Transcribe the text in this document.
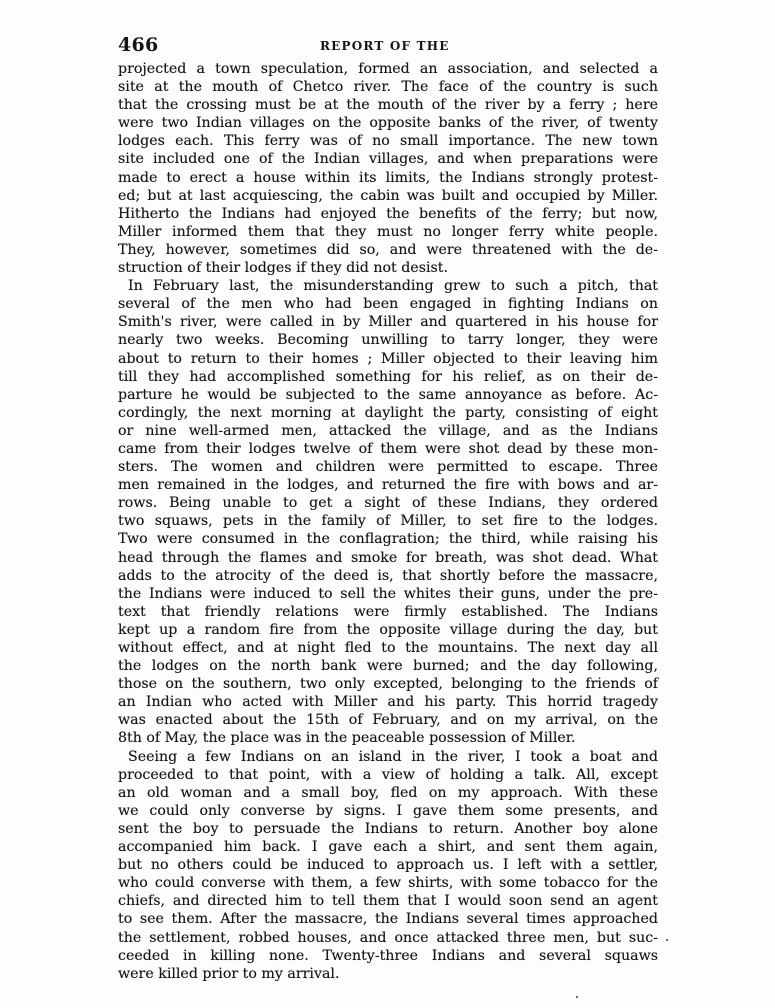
466	REPORT OF THE
projected a town speculation, formed an association, and selected a
site at the mouth of Chetco river. The face of the country is such
that the crossing must be at the mouth of the river by a ferry ; here
were two Indian villages on the opposite banks of the river, of twenty
lodges each. This ferry was of no small importance. The new town
site included one of the Indian villages, and when preparations were
made to erect a house within its limits, the Indians strongly protest-
ed; but at last acquiescing, the cabin was built and occupied by Miller.
Hitherto the Indians had enjoyed the benefits of the ferry; but now,
Miller informed them that they must no longer ferry white people.
They, however, sometimes did so, and were threatened with the de-
struction of their lodges if they did not desist.
In February last, the misunderstanding grew to such a pitch, that
several of the men who had been engaged in fighting Indians on
Smith's river, were called in by Miller and quartered in his house for
nearly two weeks. Becoming unwilling to tarry longer, they were
about to return to their homes ; Miller objected to their leaving him
till they had accomplished something for his relief, as on their de-
parture he would be subjected to the same annoyance as before. Ac-
cordingly, the next morning at daylight the party, consisting of eight
or nine well-armed men, attacked the village, and as the Indians
came from their lodges twelve of them were shot dead by these mon-
sters. The women and children were permitted to escape. Three
men remained in the lodges, and returned the fire with bows and ar-
rows. Being unable to get a sight of these Indians, they ordered
two squaws, pets in the family of Miller, to set fire to the lodges.
Two were consumed in the conflagration; the third, while raising his
head through the flames and smoke for breath, was shot dead. What
adds to the atrocity of the deed is, that shortly before the massacre,
the Indians were induced to sell the whites their guns, under the pre-
text that friendly relations were firmly established. The Indians
kept up a random fire from the opposite village during the day, but
without effect, and at night fled to the mountains. The next day all
the lodges on the north bank were burned; and the day following,
those on the southern, two only excepted, belonging to the friends of
an Indian who acted with Miller and his party. This horrid tragedy
was enacted about the 15th of February, and on my arrival, on the
8th of May, the place was in the peaceable possession of Miller.
Seeing a few Indians on an island in the river, I took a boat and
proceeded to that point, with a view of holding a talk. All, except
an old woman and a small boy, fled on my approach. With these
we could only converse by signs. I gave them some presents, and
sent the boy to persuade the Indians to return. Another boy alone
accompanied him back. I gave each a shirt, and sent them again,
but no others could be induced to approach us. I left with a settler,
who could converse with them, a few shirts, with some tobacco for the
chiefs, and directed him to tell them that I would soon send an agent
to see them. After the massacre, the Indians several times approached
the settlement, robbed houses, and once attacked three men, but suc-
ceeded in killing none. Twenty-three Indians and several squaws
were killed prior to my arrival.
